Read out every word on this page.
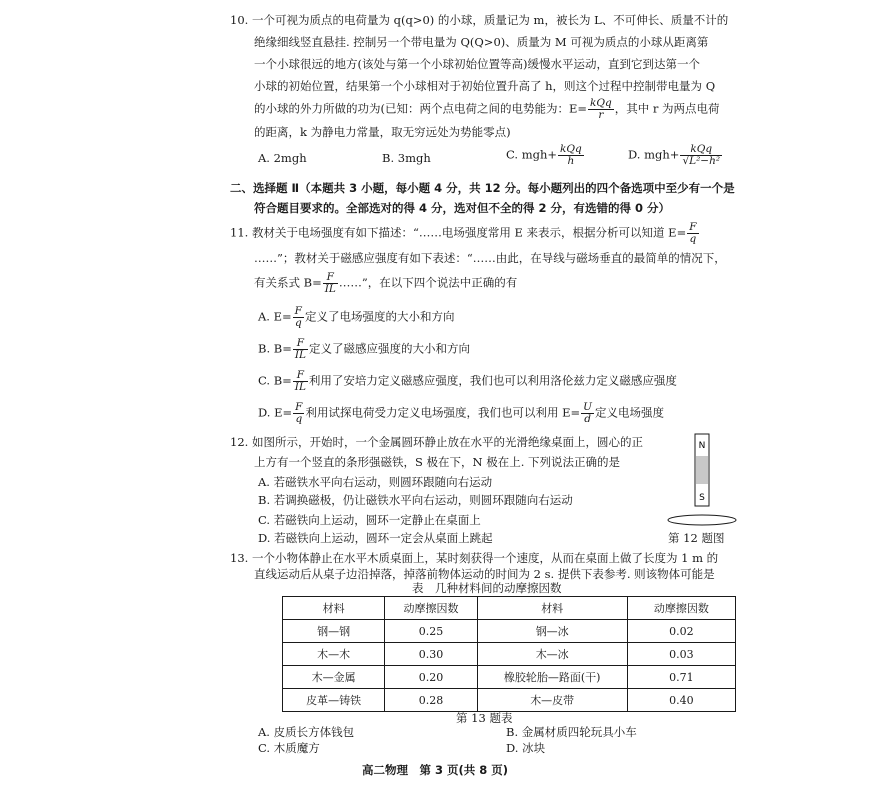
10. 一个可视为质点的电荷量为 q(q>0) 的小球，质量记为 m，被长为 L、不可伸长、质量不计的
绝缘细线竖直悬挂. 控制另一个带电量为 Q(Q>0)、质量为 M 可视为质点的小球从距离第
一个小球很远的地方(该处与第一个小球初始位置等高)缓慢水平运动，直到它到达第一个
小球的初始位置，结果第一个小球相对于初始位置升高了 h，则这个过程中控制带电量为 Q
的小球的外力所做的功为(已知：两个点电荷之间的电势能为：$E= \frac{\text{kQq}}{r}$ ，其中 r 为两点电荷
的距离，k 为静电力常量，取无穷远处为势能零点)
A. 2mgh	B. 3mgh	C. $mgh+ \frac{\text{kQq}}{h}$	D. $mgh+ \frac{\text{kQq}}{\text{√L²−h²}}$
二、选择题 Ⅱ（本题共 3 小题，每小题 4 分，共 12 分。每小题列出的四个备选项中至少有一个是
符合题目要求的。全部选对的得 4 分，选对但不全的得 2 分，有选错的得 0 分）
11. 教材关于电场强度有如下描述：“……电场强度常用 E 来表示，根据分析可以知道 $E= \frac{F}{q}$
……”；教材关于磁感应强度有如下表述：“……由此，在导线与磁场垂直的最简单的情况下，
有关系式 $B= \frac{F}{IL}$ ……”，在以下四个说法中正确的有
A. $E= \frac{F}{q}$ 定义了电场强度的大小和方向
B. $B= \frac{F}{IL}$ 定义了磁感应强度的大小和方向
C. $B= \frac{F}{IL}$ 利用了安培力定义磁感应强度，我们也可以利用洛伦兹力定义磁感应强度
D. $E= \frac{F}{q}$ 利用试探电荷受力定义电场强度，我们也可以利用 $E= \frac{U}{d}$ 定义电场强度
12. 如图所示，开始时，一个金属圆环静止放在水平的光滑绝缘桌面上，圆心的正
上方有一个竖直的条形强磁铁，S 极在下，N 极在上. 下列说法正确的是
A. 若磁铁水平向右运动，则圆环跟随向右运动
B. 若调换磁极，仍让磁铁水平向右运动，则圆环跟随向右运动
C. 若磁铁向上运动，圆环一定静止在桌面上
D. 若磁铁向上运动，圆环一定会从桌面上跳起
N
S
第 12 题图
13. 一个小物体静止在水平木质桌面上，某时刻获得一个速度，从而在桌面上做了长度为 1 m 的
直线运动后从桌子边沿掉落，掉落前物体运动的时间为 2 s. 提供下表参考. 则该物体可能是
表　几种材料间的动摩擦因数
材料	动摩擦因数	材料	动摩擦因数
钢—钢	0.25	钢—冰	0.02
木—木	0.30	木—冰	0.03
木—金属	0.20	橡胶轮胎—路面(干)	0.71
皮革—铸铁	0.28	木—皮带	0.40
第 13 题表
A. 皮质长方体钱包	B. 金属材质四轮玩具小车
C. 木质魔方	D. 冰块
高二物理　第 3 页(共 8 页)
